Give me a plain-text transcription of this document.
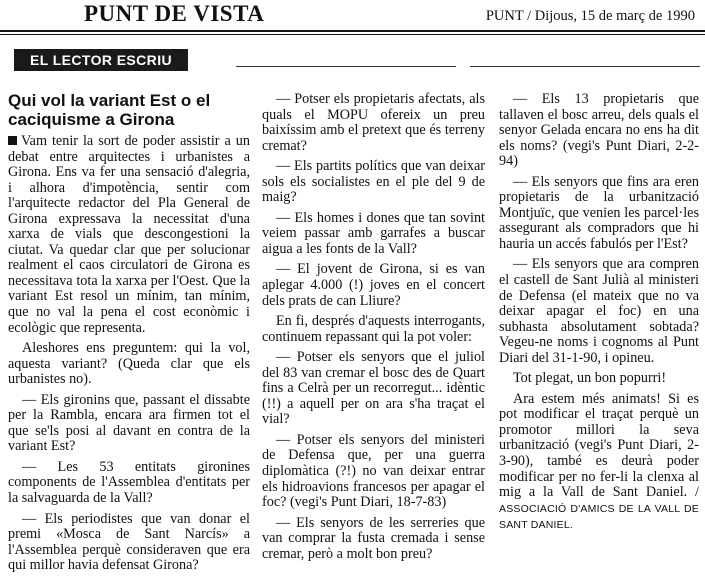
PUNT DE VISTA	PUNT / Dijous, 15 de març de 1990
EL LECTOR ESCRIU
Qui vol la variant Est o el caciquisme a Girona

Vam tenir la sort de poder assistir a un debat entre arquitectes i urbanistes a Girona. Ens va fer una sensació d'alegria, i alhora d'impotència, sentir com l'arquitecte redactor del Pla General de Girona expressava la necessitat d'una xarxa de vials que descongestioni la ciutat. Va quedar clar que per solucionar realment el caos circulatori de Girona es necessitava tota la xarxa per l'Oest. Que la variant Est resol un mínim, tan mínim, que no val la pena el cost econòmic i ecològic que representa.

Aleshores ens preguntem: qui la vol, aquesta variant? (Queda clar que els urbanistes no).

— Els gironins que, passant el dissabte per la Rambla, encara ara firmen tot el que se'ls posi al davant en contra de la variant Est?

— Les 53 entitats gironines components de l'Assemblea d'entitats per la salvaguarda de la Vall?

— Els periodistes que van donar el premi «Mosca de Sant Narcís» a l'Assemblea perquè consideraven que era qui millor havia defensat Girona?

— Potser els propietaris afectats, als quals el MOPU ofereix un preu baixíssim amb el pretext que és terreny cremat?

— Els partits polítics que van deixar sols els socialistes en el ple del 9 de maig?

— Els homes i dones que tan sovint veiem passar amb garrafes a buscar aigua a les fonts de la Vall?

— El jovent de Girona, si es van aplegar 4.000 (!) joves en el concert dels prats de can Lliure?

En fi, després d'aquests interrogants, continuem repassant qui la pot voler:

— Potser els senyors que el juliol del 83 van cremar el bosc des de Quart fins a Celrà per un recorregut... idèntic (!!) a aquell per on ara s'ha traçat el vial?

— Potser els senyors del ministeri de Defensa que, per una guerra diplomàtica (?!) no van deixar entrar els hidroavions francesos per apagar el foc? (vegi's Punt Diari, 18-7-83)

— Els senyors de les serreries que van comprar la fusta cremada i sense cremar, però a molt bon preu?

— Els 13 propietaris que tallaven el bosc arreu, dels quals el senyor Gelada encara no ens ha dit els noms? (vegi's Punt Diari, 2-2-94)

— Els senyors que fins ara eren propietaris de la urbanització Montjuïc, que venien les parcel·les assegurant als compradors que hi hauria un accés fabulós per l'Est?

— Els senyors que ara compren el castell de Sant Julià al ministeri de Defensa (el mateix que no va deixar apagar el foc) en una subhasta absolutament sobtada? Vegeu-ne noms i cognoms al Punt Diari del 31-1-90, i opineu.

Tot plegat, un bon popurri!

Ara estem més animats! Si es pot modificar el traçat perquè un promotor millori la seva urbanització (vegi's Punt Diari, 2-3-90), també es deurà poder modificar per no fer-li la clenxa al mig a la Vall de Sant Daniel. / ASSOCIACIÓ D'AMICS DE LA VALL DE SANT DANIEL.
